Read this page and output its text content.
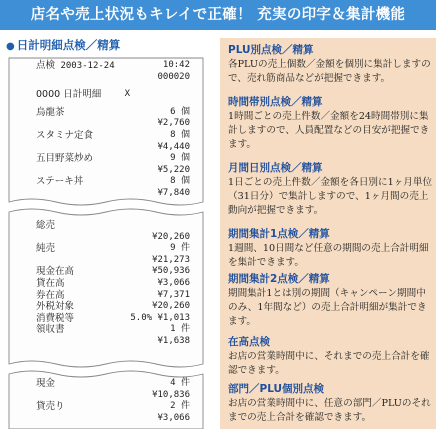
店名や売上状況もキレイで正確！ 充実の印字＆集計機能
● 日計明細点検／精算
点検 2003-12-24	10:42
000020
0000 日計明細	X
烏龍茶	6 個
¥2,760
スタミナ定食	8 個
¥4,440
五目野菜炒め	9 個
¥5,220
ステーキ丼	8 個
¥7,840
総売
¥20,260
純売	9 件
¥21,273
現金在高	¥50,936
貸在高	¥3,066
券在高	¥7,371
外税対象	¥20,260
消費税等	5.0% ¥1,013
領収書	1 件
¥1,638
現金	4 件
¥10,836
貸売り	2 件
¥3,066
PLU別点検／精算

各PLUの売上個数／金額を個別に集計しますので、売れ筋商品などが把握できます。

時間帯別点検／精算

1時間ごとの売上件数／金額を24時間帯別に集計しますので、人員配置などの目安が把握できます。

月間日別点検／精算

1日ごとの売上件数／金額を各日別に1ヶ月単位（31日分）で集計しますので、1ヶ月間の売上動向が把握できます。

期間集計1点検／精算

1週間、10日間など任意の期間の売上合計明細を集計できます。

期間集計2点検／精算

期間集計1とは別の期間（キャンペーン期間中のみ、1年間など）の売上合計明細が集計できます。

在高点検

お店の営業時間中に、それまでの売上合計を確認できます。

部門／PLU個別点検

お店の営業時間中に、任意の部門／PLUのそれまでの売上合計を確認できます。
